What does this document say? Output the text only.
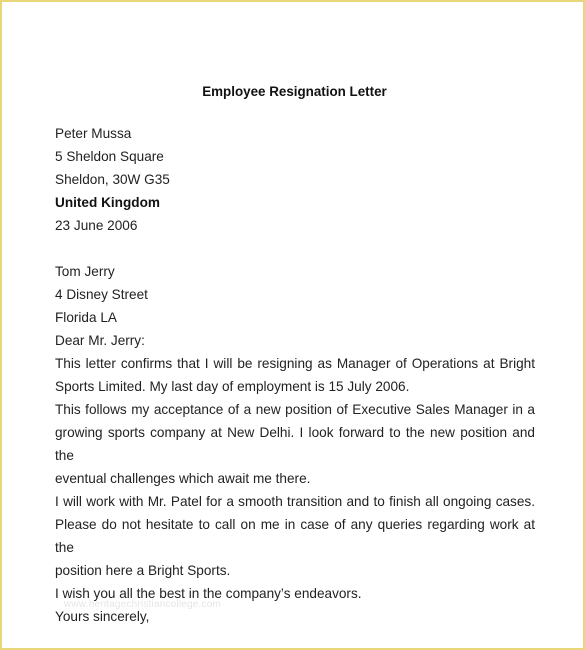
Employee Resignation Letter
Peter Mussa
5 Sheldon Square
Sheldon, 30W G35
United Kingdom
23 June 2006
Tom Jerry
4 Disney Street
Florida LA
Dear Mr. Jerry:
This letter confirms that I will be resigning as Manager of Operations at Bright
Sports Limited. My last day of employment is 15 July 2006.
This follows my acceptance of a new position of Executive Sales Manager in a
growing sports company at New Delhi. I look forward to the new position and the
eventual challenges which await me there.
I will work with Mr. Patel for a smooth transition and to finish all ongoing cases.
Please do not hesitate to call on me in case of any queries regarding work at the
position here a Bright Sports.
I wish you all the best in the company’s endeavors.
Yours sincerely,
www.heritagechristiancollege.com
